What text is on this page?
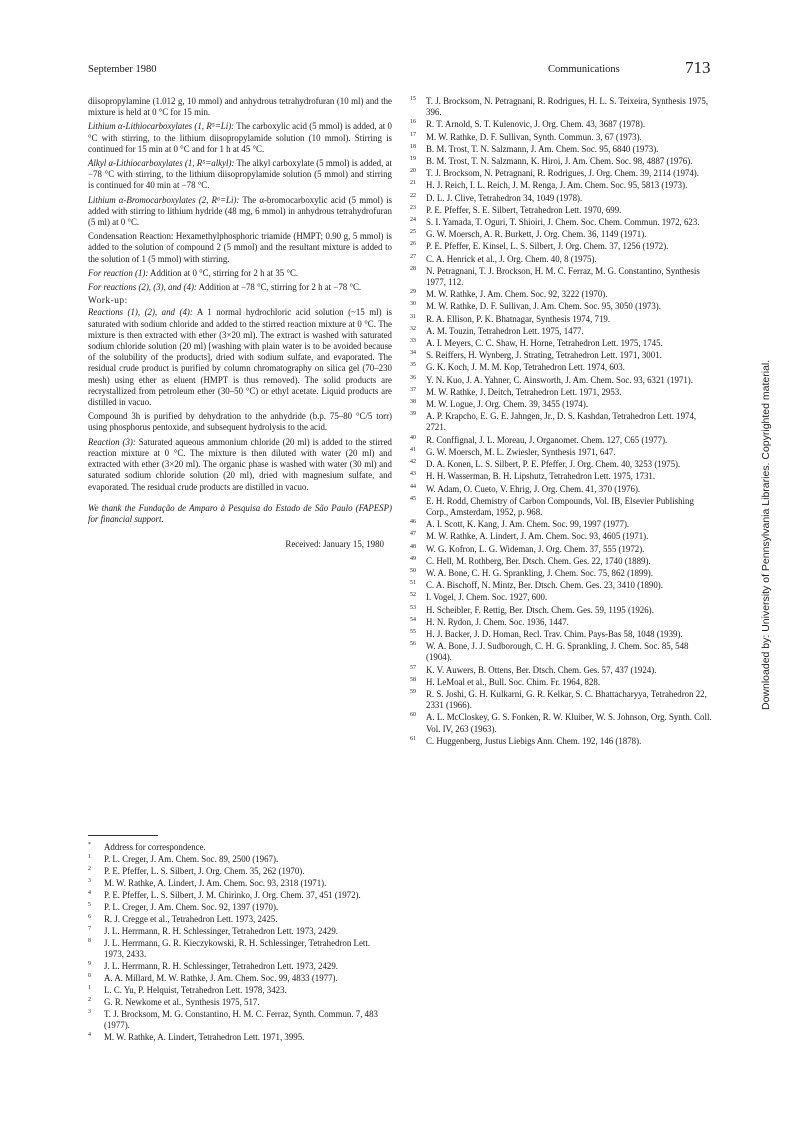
September 1980	Communications	713
diisopropylamine (1.012 g, 10 mmol) and anhydrous tetrahydrofuran (10 ml) and the mixture is held at 0 °C for 15 min.
Lithium α-Lithiocarboxylates (1, R⁵=Li): The carboxylic acid (5 mmol) is added, at 0 °C with stirring, to the lithium diisopropylamide solution (10 mmol). Stirring is continued for 15 min at 0 °C and for 1 h at 45 °C.
Alkyl α-Lithiocarboxylates (1, R⁵=alkyl): The alkyl carboxylate (5 mmol) is added, at −78 °C with stirring, to the lithium diisopropylamide solution (5 mmol) and stirring is continued for 40 min at −78 °C.
Lithium α-Bromocarboxylates (2, R⁶=Li): The α-bromocarboxylic acid (5 mmol) is added with stirring to lithium hydride (48 mg, 6 mmol) in anhydrous tetrahydrofuran (5 ml) at 0 °C.
Condensation Reaction: Hexamethylphosphoric triamide (HMPT; 0.90 g, 5 mmol) is added to the solution of compound 2 (5 mmol) and the resultant mixture is added to the solution of 1 (5 mmol) with stirring.
For reaction (1): Addition at 0 °C, stirring for 2 h at 35 °C.
For reactions (2), (3), and (4): Addition at −78 °C, stirring for 2 h at −78 °C.
Work-up:
Reactions (1), (2), and (4): A 1 normal hydrochloric acid solution (~15 ml) is saturated with sodium chloride and added to the stirred reaction mixture at 0 °C. The mixture is then extracted with ether (3×20 ml). The extract is washed with saturated sodium chloride solution (20 ml) [washing with plain water is to be avoided because of the solubility of the products], dried with sodium sulfate, and evaporated. The residual crude product is purified by column chromatography on silica gel (70–230 mesh) using ether as eluent (HMPT is thus removed). The solid products are recrystallized from petroleum ether (30–50 °C) or ethyl acetate. Liquid products are distilled in vacuo.
Compound 3h is purified by dehydration to the anhydride (b.p. 75–80 °C/5 torr) using phosphorus pentoxide, and subsequent hydrolysis to the acid.
Reaction (3): Saturated aqueous ammonium chloride (20 ml) is added to the stirred reaction mixture at 0 °C. The mixture is then diluted with water (20 ml) and extracted with ether (3×20 ml). The organic phase is washed with water (30 ml) and saturated sodium chloride solution (20 ml), dried with magnesium sulfate, and evaporated. The residual crude products are distilled in vacuo.
We thank the Fundação de Amparo à Pesquisa do Estado de São Paulo (FAPESP) for financial support.
Received: January 15, 1980
* Address for correspondence.
1 P. L. Creger, J. Am. Chem. Soc. 89, 2500 (1967).
2 P. E. Pfeffer, L. S. Silbert, J. Org. Chem. 35, 262 (1970).
3 M. W. Rathke, A. Lindert, J. Am. Chem. Soc. 93, 2318 (1971).
4 P. E. Pfeffer, L. S. Silbert, J. M. Chirinko, J. Org. Chem. 37, 451 (1972).
5 P. L. Creger, J. Am. Chem. Soc. 92, 1397 (1970).
6 R. J. Cregge et al., Tetrahedron Lett. 1973, 2425.
7 J. L. Herrmann, R. H. Schlessinger, Tetrahedron Lett. 1973, 2429.
8 J. L. Herrmann, G. R. Kieczykowski, R. H. Schlessinger, Tetrahedron Lett. 1973, 2433.
9 J. L. Herrmann, R. H. Schlessinger, Tetrahedron Lett. 1973, 2429.
0 A. A. Millard, M. W. Rathke, J. Am. Chem. Soc. 99, 4833 (1977).
1 L. C. Yu, P. Helquist, Tetrahedron Lett. 1978, 3423.
2 G. R. Newkome et al., Synthesis 1975, 517.
3 T. J. Brocksom, M. G. Constantino, H. M. C. Ferraz, Synth. Commun. 7, 483 (1977).
4 M. W. Rathke, A. Lindert, Tetrahedron Lett. 1971, 3995.
15 T. J. Brocksom, N. Petragnani, R. Rodrigues, H. L. S. Teixeira, Synthesis 1975, 396.
16 R. T. Arnold, S. T. Kulenovic, J. Org. Chem. 43, 3687 (1978).
17 M. W. Rathke, D. F. Sullivan, Synth. Commun. 3, 67 (1973).
18 B. M. Trost, T. N. Salzmann, J. Am. Chem. Soc. 95, 6840 (1973).
19 B. M. Trost, T. N. Salzmann, K. Hiroi, J. Am. Chem. Soc. 98, 4887 (1976).
20 T. J. Brocksom, N. Petragnani, R. Rodrigues, J. Org. Chem. 39, 2114 (1974).
21 H. J. Reich, I. L. Reich, J. M. Renga, J. Am. Chem. Soc. 95, 5813 (1973).
22 D. L. J. Clive, Tetrahedron 34, 1049 (1978).
23 P. E. Pfeffer, S. E. Silbert, Tetrahedron Lett. 1970, 699.
24 S. I. Yamada, T. Oguri, T. Shioiri, J. Chem. Soc. Chem. Commun. 1972, 623.
25 G. W. Moersch, A. R. Burkett, J. Org. Chem. 36, 1149 (1971).
26 P. E. Pfeffer, E. Kinsel, L. S. Silbert, J. Org. Chem. 37, 1256 (1972).
27 C. A. Henrick et al., J. Org. Chem. 40, 8 (1975).
28 N. Petragnani, T. J. Brockson, H. M. C. Ferraz, M. G. Constantino, Synthesis 1977, 112.
29 M. W. Rathke, J. Am. Chem. Soc. 92, 3222 (1970).
30 M. W. Rathke, D. F. Sullivan, J. Am. Chem. Soc. 95, 3050 (1973).
31 R. A. Ellison, P. K. Bhatnagar, Synthesis 1974, 719.
32 A. M. Touzin, Tetrahedron Lett. 1975, 1477.
33 A. I. Meyers, C. C. Shaw, H. Horne, Tetrahedron Lett. 1975, 1745.
34 S. Reiffers, H. Wynberg, J. Strating, Tetrahedron Lett. 1971, 3001.
35 G. K. Koch, J. M. M. Kop, Tetrahedron Lett. 1974, 603.
36 Y. N. Kuo, J. A. Yahner, C. Ainsworth, J. Am. Chem. Soc. 93, 6321 (1971).
37 M. W. Rathke, J. Deitch, Tetrahedron Lett. 1971, 2953.
38 M. W. Logue, J. Org. Chem. 39, 3455 (1974).
39 A. P. Krapcho, E. G. E. Jahngen, Jr., D. S. Kashdan, Tetrahedron Lett. 1974, 2721.
40 R. Conffignal, J. L. Moreau, J. Organomet. Chem. 127, C65 (1977).
41 G. W. Moersch, M. L. Zwiesler, Synthesis 1971, 647.
42 D. A. Konen, L. S. Silbert, P. E. Pfeffer, J. Org. Chem. 40, 3253 (1975).
43 H. H. Wasserman, B. H. Lipshutz, Tetrahedron Lett. 1975, 1731.
44 W. Adam, O. Cueto, V. Ehrig, J. Org. Chem. 41, 370 (1976).
45 E. H. Rodd, Chemistry of Carbon Compounds, Vol. IB, Elsevier Publishing Corp., Amsterdam, 1952, p. 968.
46 A. I. Scott, K. Kang, J. Am. Chem. Soc. 99, 1997 (1977).
47 M. W. Rathke, A. Lindert, J. Am. Chem. Soc. 93, 4605 (1971).
48 W. G. Kofron, L. G. Wideman, J. Org. Chem. 37, 555 (1972).
49 C. Hell, M. Rothberg, Ber. Dtsch. Chem. Ges. 22, 1740 (1889).
50 W. A. Bone, C. H. G. Sprankling, J. Chem. Soc. 75, 862 (1899).
51 C. A. Bischoff, N. Mintz, Ber. Dtsch. Chem. Ges. 23, 3410 (1890).
52 I. Vogel, J. Chem. Soc. 1927, 600.
53 H. Scheibler, F. Rettig, Ber. Dtsch. Chem. Ges. 59, 1195 (1926).
54 H. N. Rydon, J. Chem. Soc. 1936, 1447.
55 H. J. Backer, J. D. Homan, Recl. Trav. Chim. Pays-Bas 58, 1048 (1939).
56 W. A. Bone, J. J. Sudborough, C. H. G. Sprankling, J. Chem. Soc. 85, 548 (1904).
57 K. V. Auwers, B. Ottens, Ber. Dtsch. Chem. Ges. 57, 437 (1924).
58 H. LeMoal et al., Bull. Soc. Chim. Fr. 1964, 828.
59 R. S. Joshi, G. H. Kulkarni, G. R. Kelkar, S. C. Bhattacharyya, Tetrahedron 22, 2331 (1966).
60 A. L. McCloskey, G. S. Fonken, R. W. Kluiber, W. S. Johnson, Org. Synth. Coll. Vol. IV, 263 (1963).
61 C. Huggenberg, Justus Liebigs Ann. Chem. 192, 146 (1878).
Downloaded by: University of Pennsylvania Libraries. Copyrighted material.
